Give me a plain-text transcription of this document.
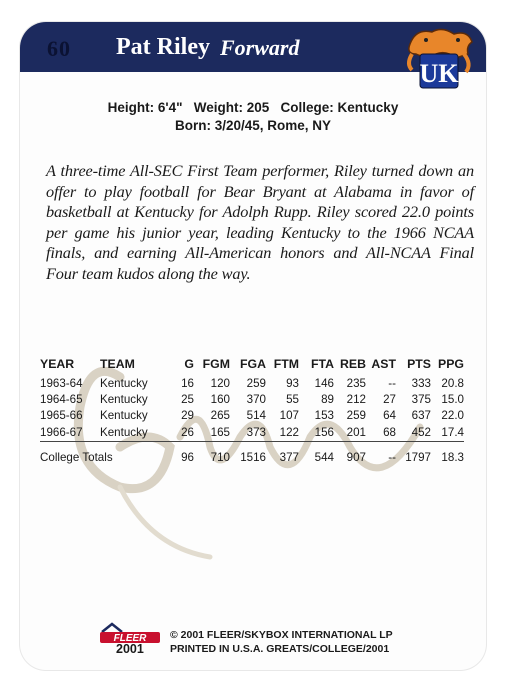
60 Pat Riley Forward
UK
Height: 6'4"   Weight: 205   College: Kentucky
Born: 3/20/45, Rome, NY
A three-time All-SEC First Team performer, Riley turned down an offer to play football for Bear Bryant at Alabama in favor of basketball at Kentucky for Adolph Rupp. Riley scored 22.0 points per game his junior year, leading Kentucky to the 1966 NCAA finals, and earning All-American honors and All-NCAA Final Four team kudos along the way.
YEAR	TEAM	G	FGM	FGA	FTM	FTA	REB	AST	PTS	PPG
1963-64	Kentucky	16	120	259	93	146	235	--	333	20.8
1964-65	Kentucky	25	160	370	55	89	212	27	375	15.0
1965-66	Kentucky	29	265	514	107	153	259	64	637	22.0
1966-67	Kentucky	26	165	373	122	156	201	68	452	17.4
College Totals		96	710	1516	377	544	907	--	1797	18.3
FLEER
2001
© 2001 FLEER/SKYBOX INTERNATIONAL LP
PRINTED IN U.S.A. GREATS/COLLEGE/2001
